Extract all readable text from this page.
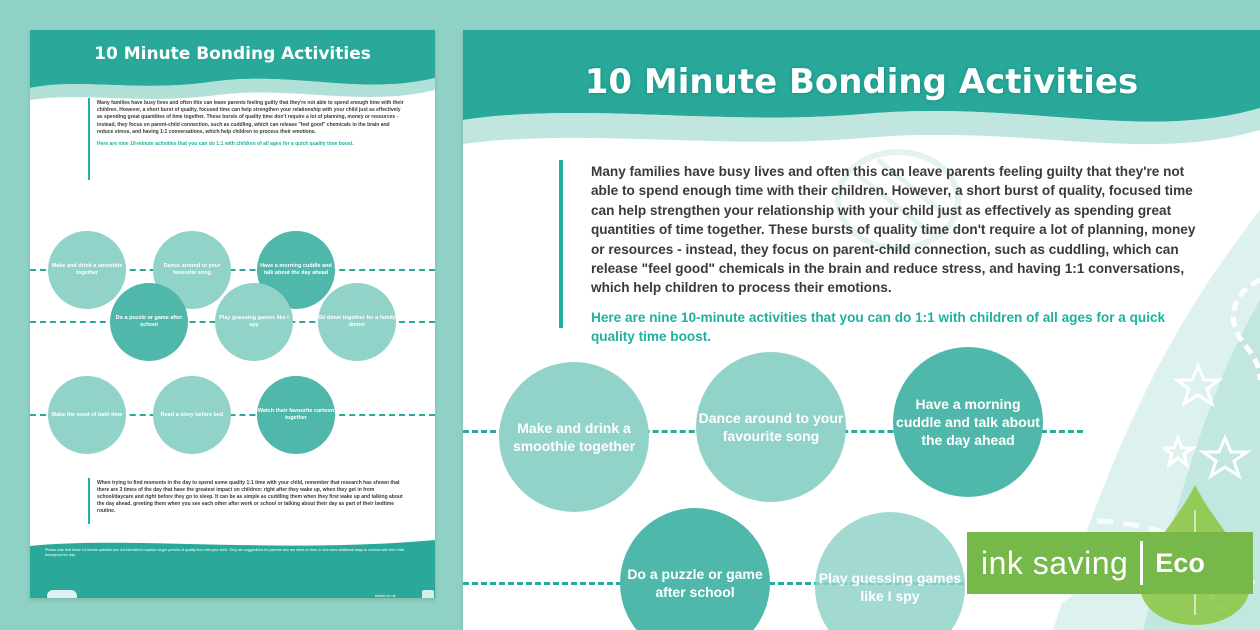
10 Minute Bonding Activities

Many families have busy lives and often this can leave parents feeling guilty that they're not able to spend enough time with their children. However, a short burst of quality, focused time can help strengthen your relationship with your child just as effectively as spending great quantities of time together. These bursts of quality time don't require a lot of planning, money or resources - instead, they focus on parent-child connection, such as cuddling, which can release "feel good" chemicals in the brain and reduce stress, and having 1:1 conversations, which help children to process their emotions.

Here are nine 10-minute activities that you can do 1:1 with children of all ages for a quick quality time boost.

Make and drink a smoothie together
Dance around to your favourite song
Have a morning cuddle and talk about the day ahead
Do a puzzle or game after school
Play guessing games like I spy
Sit down together for a family dinner
Make the most of bath time	Read a story before bed
Watch their favourite cartoon together
When trying to find moments in the day to spend some quality 1:1 time with your child, remember that research has shown that there are 3 times of the day that have the greatest impact on children: right after they wake up, when they get in from school/daycare and right before they go to sleep. It can be as simple as cuddling them when they first wake up and talking about the day ahead, greeting them when you see each other after work or school or talking about their day as part of their bedtime routine.
Please note that these 10-minute activities are not intended to replace longer periods of quality time with your child. They are suggestions for parents who are short on time or who want additional ways to connect with their child throughout the day.
twinkl.co.uk
10 Minute Bonding Activities

Many families have busy lives and often this can leave parents feeling guilty that they're not able to spend enough time with their children. However, a short burst of quality, focused time can help strengthen your relationship with your child just as effectively as spending great quantities of time together. These bursts of quality time don't require a lot of planning, money or resources - instead, they focus on parent-child connection, such as cuddling, which can release "feel good" chemicals in the brain and reduce stress, and having 1:1 conversations, which help children to process their emotions.

Here are nine 10-minute activities that you can do 1:1 with children of all ages for a quick quality time boost.

Make and drink a smoothie together
Dance around to your favourite song
Have a morning cuddle and talk about the day ahead
Do a puzzle or game after school
Play guessing games like I spy
ink saving Eco
